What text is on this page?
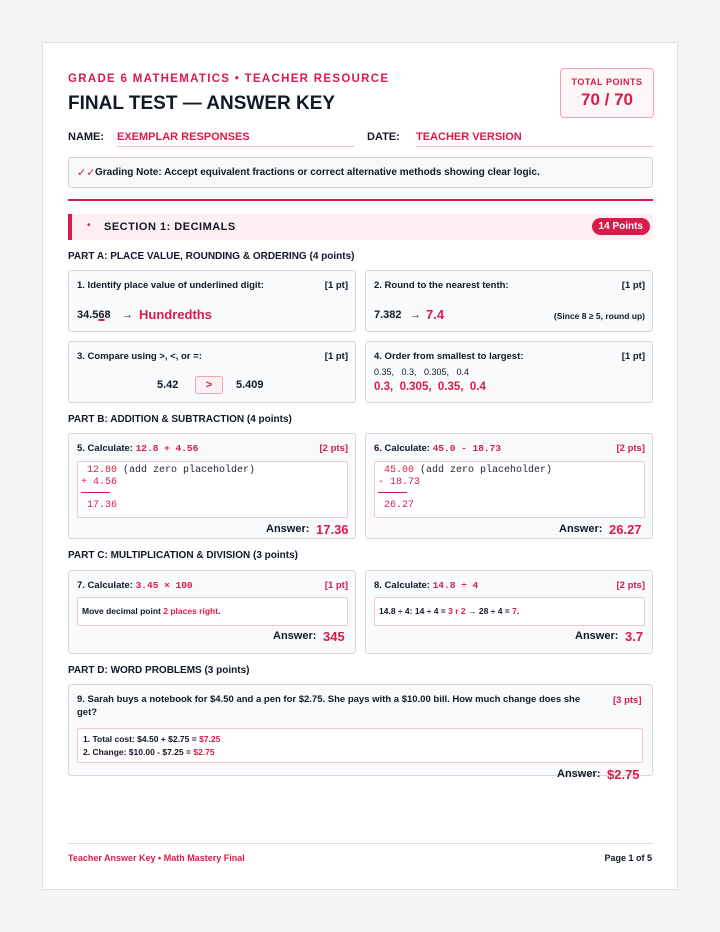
GRADE 6 MATHEMATICS • TEACHER RESOURCE
FINAL TEST — ANSWER KEY
TOTAL POINTS
70 / 70
NAME: EXEMPLAR RESPONSES	DATE: TEACHER VERSION
✓✓ Grading Note: Accept equivalent fractions or correct alternative methods showing clear logic.
• SECTION 1: DECIMALS	14 Points
PART A: PLACE VALUE, ROUNDING & ORDERING (4 points)
1. Identify place value of underlined digit:	[1 pt]
34.568 → Hundredths
2. Round to the nearest tenth:	[1 pt]
7.382 → 7.4	(Since 8 ≥ 5, round up)
3. Compare using >, <, or =:	[1 pt]
5.42	>	5.409
4. Order from smallest to largest:	[1 pt]
0.35,   0.3,   0.305,   0.4
0.3,  0.305,  0.35,  0.4
PART B: ADDITION & SUBTRACTION (4 points)
5. Calculate: 12.8 + 4.56	[2 pts]
12.80 (add zero placeholder)
+ 4.56
17.36
Answer: 17.36
6. Calculate: 45.0 - 18.73	[2 pts]
45.00 (add zero placeholder)
- 18.73
26.27
Answer: 26.27
PART C: MULTIPLICATION & DIVISION (3 points)
7. Calculate: 3.45 × 100	[1 pt]
Move decimal point 2 places right.
Answer: 345
8. Calculate: 14.8 ÷ 4	[2 pts]
14.8 ÷ 4: 14 ÷ 4 = 3 r 2 → 28 ÷ 4 = 7.
Answer: 3.7
PART D: WORD PROBLEMS (3 points)
9. Sarah buys a notebook for $4.50 and a pen for $2.75. She pays with a $10.00 bill. How much change does she get?
[3 pts]
1. Total cost: $4.50 + $2.75 = $7.25
2. Change: $10.00 - $7.25 = $2.75
Answer: $2.75
Teacher Answer Key • Math Mastery Final	Page 1 of 5
